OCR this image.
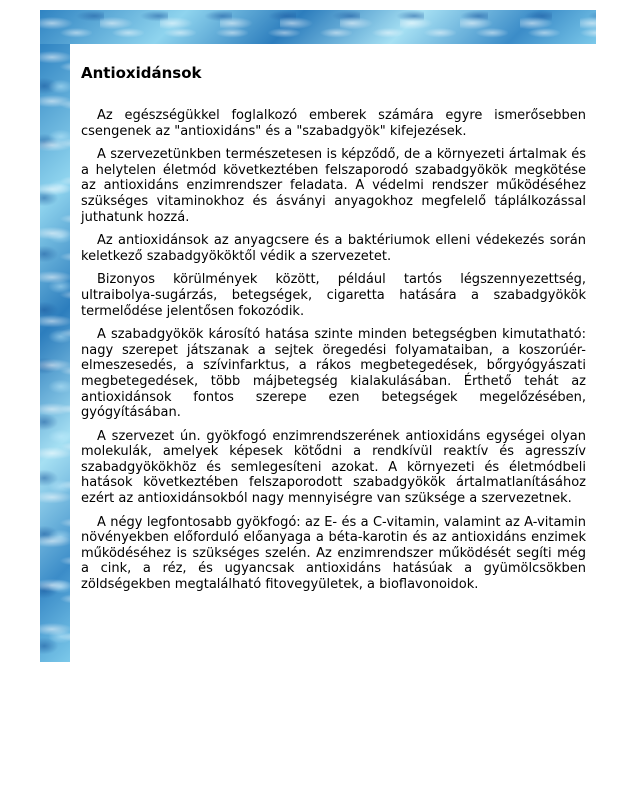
Antioxidánsok

Az egészségükkel foglalkozó emberek számára egyre ismerősebben csengenek az "antioxidáns" és a "szabadgyök" kifejezések.

A szervezetünkben természetesen is képződő, de a környezeti ártalmak és a helytelen életmód következtében felszaporodó szabadgyökök megkötése az antioxidáns enzimrendszer feladata. A védelmi rendszer működéséhez szükséges vitaminokhoz és ásványi anyagokhoz megfelelő táplálkozással juthatunk hozzá.

Az antioxidánsok az anyagcsere és a baktériumok elleni védekezés során keletkező szabadgyököktől védik a szervezetet.

Bizonyos körülmények között, például tartós légszennyezettség, ultraibolya-sugárzás, betegségek, cigaretta hatására a szabadgyökök termelődése jelentősen fokozódik.

A szabadgyökök károsító hatása szinte minden betegségben kimutatható: nagy szerepet játszanak a sejtek öregedési folyamataiban, a koszorúér-elmeszesedés, a szívinfarktus, a rákos megbetegedések, bőrgyógyászati megbetegedések, több májbetegség kialakulásában. Érthető tehát az antioxidánsok fontos szerepe ezen betegségek megelőzésében, gyógyításában.

A szervezet ún. gyökfogó enzimrendszerének antioxidáns egységei olyan molekulák, amelyek képesek kötődni a rendkívül reaktív és agresszív szabadgyökökhöz és semlegesíteni azokat. A környezeti és életmódbeli hatások következtében felszaporodott szabadgyökök ártalmatlanításához ezért az antioxidánsokból nagy mennyiségre van szüksége a szervezetnek.

A négy legfontosabb gyökfogó: az E- és a C-vitamin, valamint az A-vitamin növényekben előforduló előanyaga a béta-karotin és az antioxidáns enzimek működéséhez is szükséges szelén. Az enzimrendszer működését segíti még a cink, a réz, és ugyancsak antioxidáns hatásúak a gyümölcsökben zöldségekben megtalálható fitovegyületek, a bioflavonoidok.
